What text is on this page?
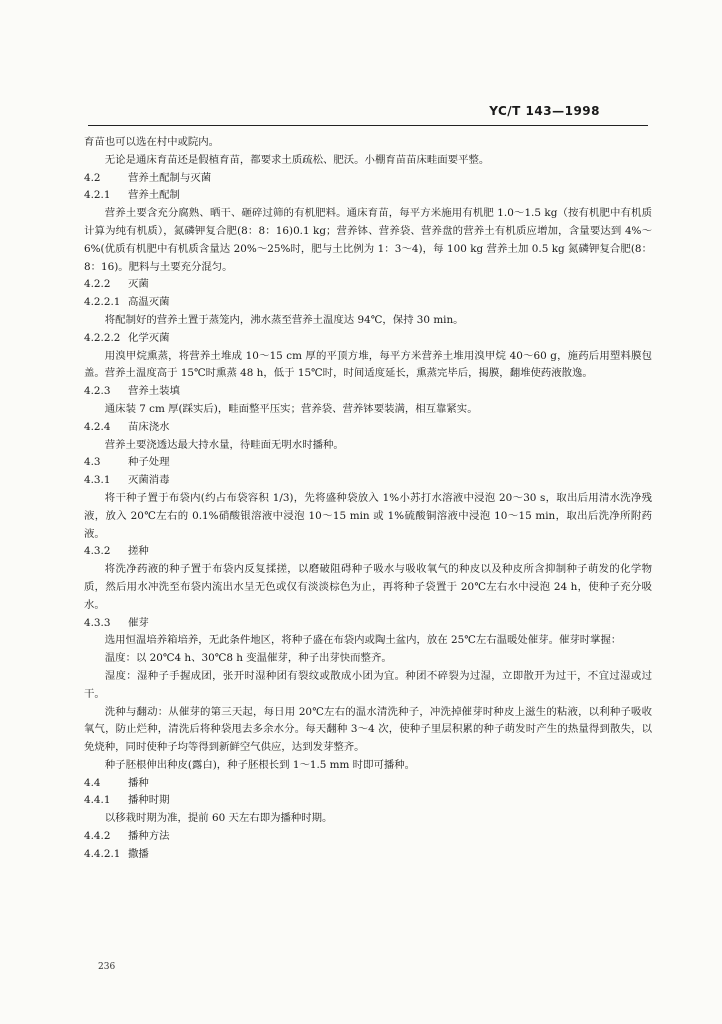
YC/T 143—1998

育苗也可以选在村中或院内。

无论是通床育苗还是假植育苗，都要求土质疏松、肥沃。小棚育苗苗床畦面要平整。

4.2	营养土配制与灭菌
4.2.1 营养土配制

营养土要含充分腐熟、晒干、砸碎过筛的有机肥料。通床育苗，每平方米施用有机肥 1.0～1.5 kg（按有机肥中有机质计算为纯有机质），氮磷钾复合肥(8：8：16)0.1 kg；营养钵、营养袋、营养盘的营养土有机质应增加，含量要达到 4%～6%(优质有机肥中有机质含量达 20%～25%时，肥与土比例为 1：3～4)，每 100 kg 营养土加 0.5 kg 氮磷钾复合肥(8：8：16)。肥料与土要充分混匀。

4.2.2 灭菌
4.2.2.1 高温灭菌

将配制好的营养土置于蒸笼内，沸水蒸至营养土温度达 94℃，保持 30 min。

4.2.2.2 化学灭菌

用溴甲烷熏蒸，将营养土堆成 10～15 cm 厚的平顶方堆，每平方米营养土堆用溴甲烷 40～60 g，施药后用塑料膜包盖。营养土温度高于 15℃时熏蒸 48 h，低于 15℃时，时间适度延长，熏蒸完毕后，揭膜，翻堆使药液散逸。

4.2.3 营养土装填

通床装 7 cm 厚(踩实后)，畦面整平压实；营养袋、营养钵要装满，相互靠紧实。

4.2.4 苗床浇水

营养土要浇透达最大持水量，待畦面无明水时播种。

4.3	种子处理
4.3.1 灭菌消毒

将干种子置于布袋内(约占布袋容积 1/3)，先将盛种袋放入 1%小苏打水溶液中浸泡 20～30 s，取出后用清水洗净残液，放入 20℃左右的 0.1%硝酸银溶液中浸泡 10～15 min 或 1%硫酸铜溶液中浸泡 10～15 min，取出后洗净所附药液。

4.3.2 搓种

将洗净药液的种子置于布袋内反复揉搓，以磨破阻碍种子吸水与吸收氧气的种皮以及种皮所含抑制种子萌发的化学物质，然后用水冲洗至布袋内流出水呈无色或仅有淡淡棕色为止，再将种子袋置于 20℃左右水中浸泡 24 h，使种子充分吸水。

4.3.3 催芽

选用恒温培养箱培养，无此条件地区，将种子盛在布袋内或陶土盆内，放在 25℃左右温暖处催芽。催芽时掌握：

温度：以 20℃4 h、30℃8 h 变温催芽，种子出芽快而整齐。

湿度：湿种子手握成团，张开时湿种团有裂纹或散成小团为宜。种团不碎裂为过湿，立即散开为过干，不宜过湿或过干。

洗种与翻动：从催芽的第三天起，每日用 20℃左右的温水清洗种子，冲洗掉催芽时种皮上滋生的粘液，以利种子吸收氧气，防止烂种，清洗后将种袋甩去多余水分。每天翻种 3～4 次，使种子里层积累的种子萌发时产生的热量得到散失，以免烧种，同时使种子均等得到新鲜空气供应，达到发芽整齐。

种子胚根伸出种皮(露白)，种子胚根长到 1～1.5 mm 时即可播种。

4.4	播种
4.4.1 播种时期

以移栽时期为准，提前 60 天左右即为播种时期。

4.4.2 播种方法
4.4.2.1 撒播
236
